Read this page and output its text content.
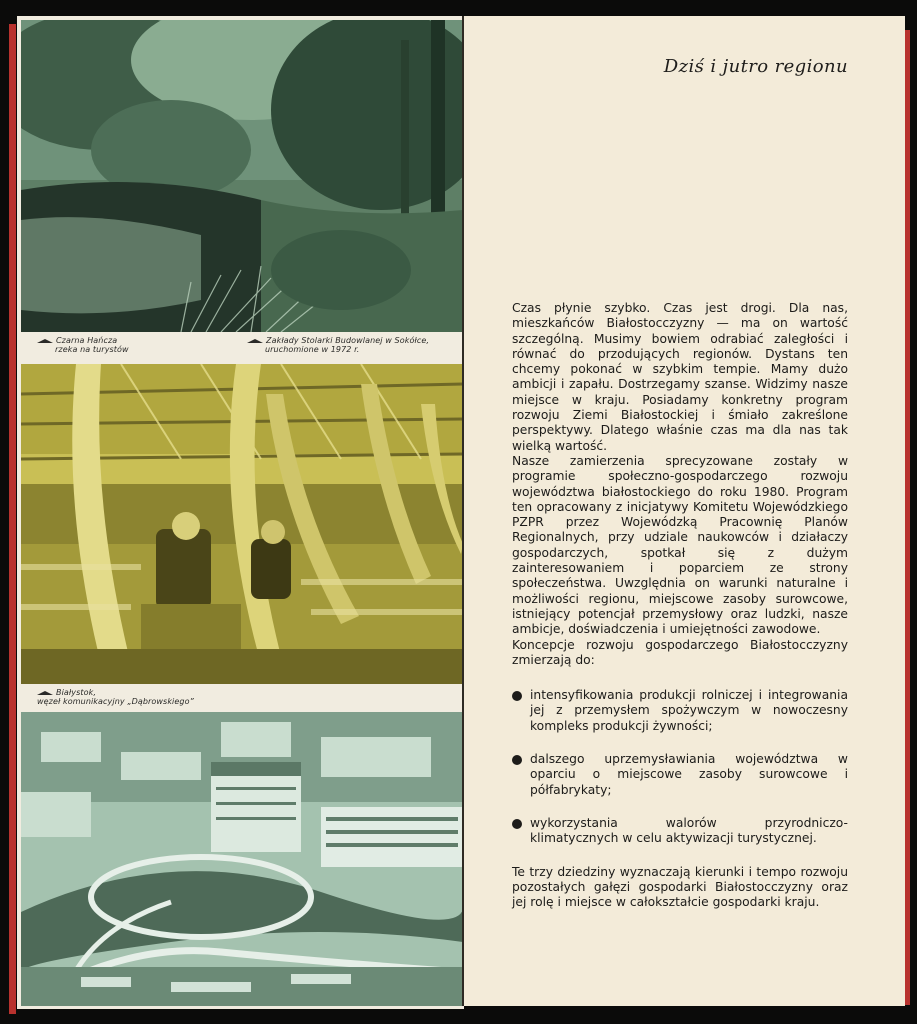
Czarna Hańcza
rzeka na turystów
Zakłady Stolarki Budowlanej w Sokółce,
uruchomione w 1972 r.
Białystok,
węzeł komunikacyjny „Dąbrowskiego”
Dziś i jutro regionu

Czas płynie szybko. Czas jest drogi. Dla nas, mieszkańców Białostocczyzny — ma on wartość szczególną. Musimy bowiem odrabiać zaległości i równać do przodujących regionów. Dystans ten chcemy pokonać w szybkim tempie. Mamy dużo ambicji i zapału. Dostrzegamy szanse. Widzimy nasze miejsce w kraju. Posiadamy konkretny program rozwoju Ziemi Białostockiej i śmiało zakreślone perspektywy. Dlatego właśnie czas ma dla nas tak wielką wartość.

Nasze zamierzenia sprecyzowane zostały w programie społeczno-gospodarczego rozwoju województwa białostockiego do roku 1980. Program ten opracowany z inicjatywy Komitetu Wojewódzkiego PZPR przez Wojewódzką Pracownię Planów Regionalnych, przy udziale naukowców i działaczy gospodarczych, spotkał się z dużym zainteresowaniem i poparciem ze strony społeczeństwa. Uwzględnia on warunki naturalne i możliwości regionu, miejscowe zasoby surowcowe, istniejący potencjał przemysłowy oraz ludzki, nasze ambicje, doświadczenia i umiejętności zawodowe.

Koncepcje rozwoju gospodarczego Białostocczyzny zmierzają do:

intensyfikowania produkcji rolniczej i integrowania jej z przemysłem spożywczym w nowoczesny kompleks produkcji żywności;
dalszego uprzemysławiania województwa w oparciu o miejscowe zasoby surowcowe i półfabrykaty;
wykorzystania walorów przyrodniczo-klimatycznych w celu aktywizacji turystycznej.

Te trzy dziedziny wyznaczają kierunki i tempo rozwoju pozostałych gałęzi gospodarki Białostocczyzny oraz jej rolę i miejsce w całokształcie gospodarki kraju.
